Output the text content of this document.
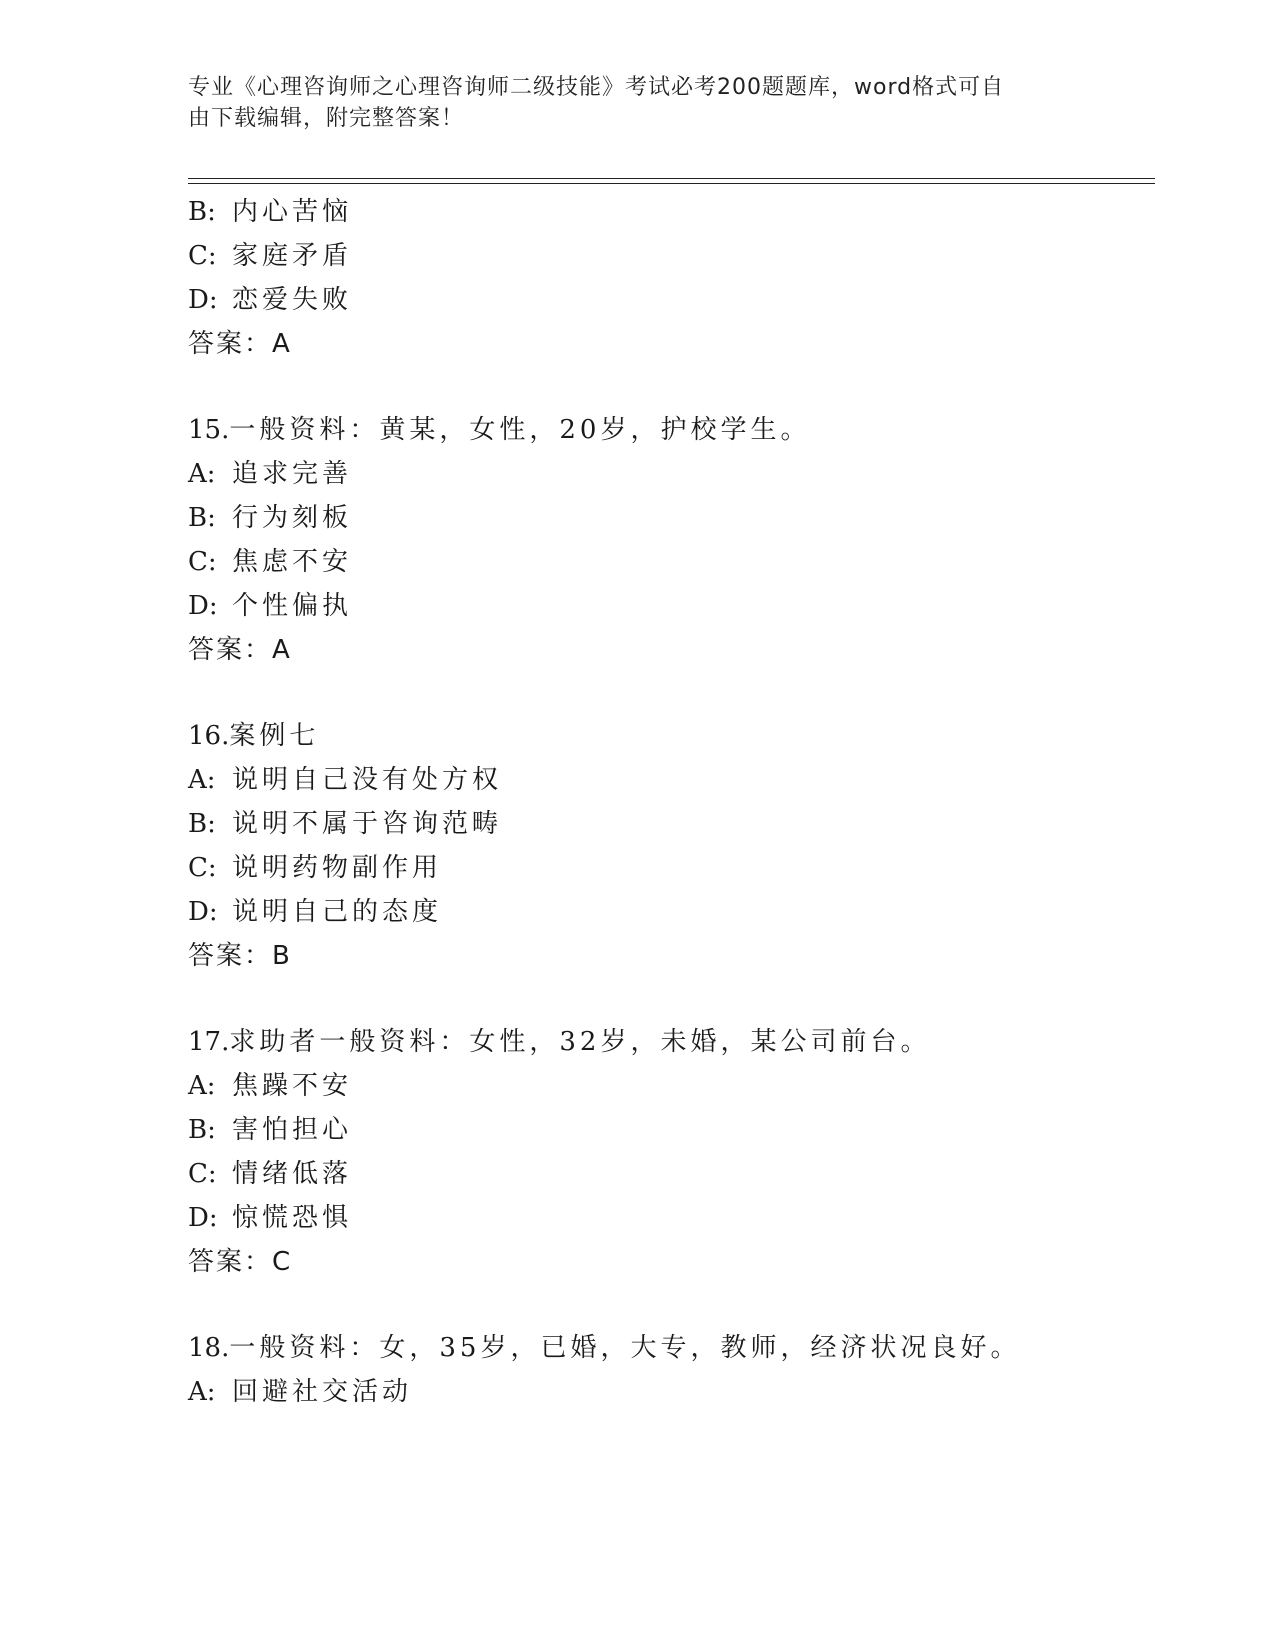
专业《心理咨询师之心理咨询师二级技能》考试必考200题题库，word格式可自
由下载编辑，附完整答案！
B: 内心苦恼
C: 家庭矛盾
D: 恋爱失败
答案：A
15.一般资料：黄某，女性，20岁，护校学生。
A: 追求完善
B: 行为刻板
C: 焦虑不安
D: 个性偏执
答案：A
16.案例七
A: 说明自己没有处方权
B: 说明不属于咨询范畴
C: 说明药物副作用
D: 说明自己的态度
答案：B
17.求助者一般资料：女性，32岁，未婚，某公司前台。
A: 焦躁不安
B: 害怕担心
C: 情绪低落
D: 惊慌恐惧
答案：C
18.一般资料：女，35岁，已婚，大专，教师，经济状况良好。
A: 回避社交活动
